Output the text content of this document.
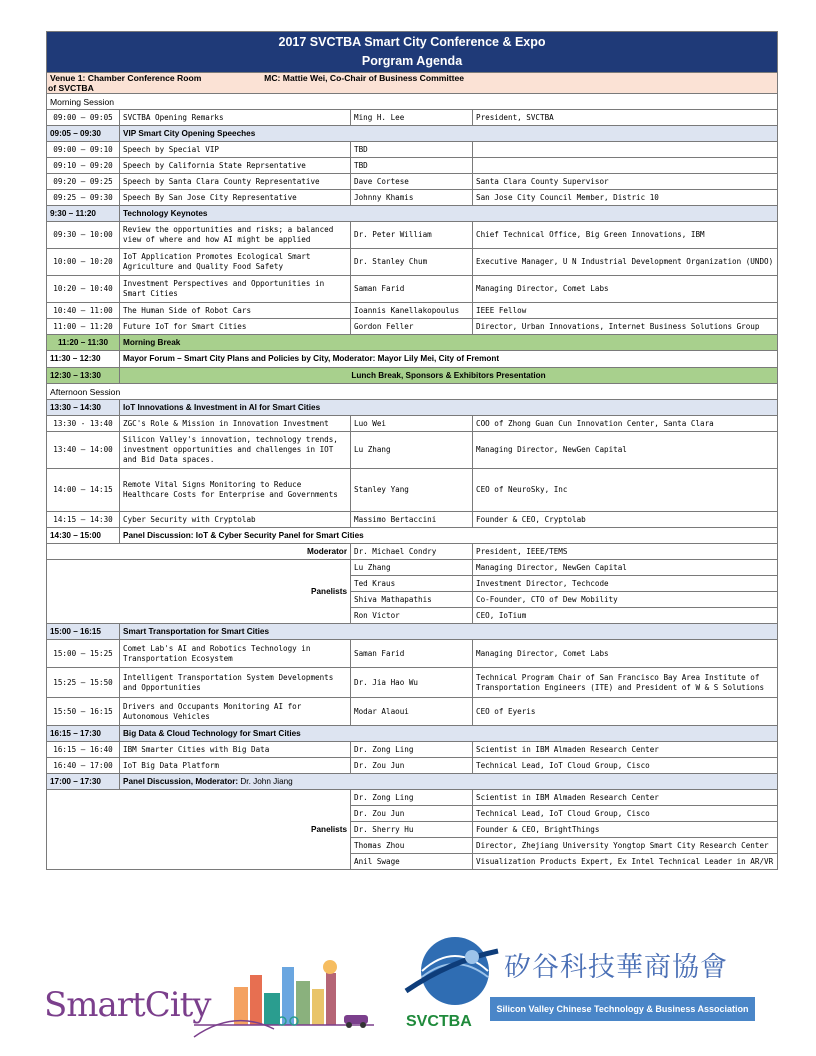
2017 SVCTBA Smart City Conference & Expo
Porgram Agenda			

Venue 1: Chamber Conference Room MC: Mattie Wei, Co-Chair of Business Committee of SVCTBA			
Morning Session			
09:00 – 09:05	SVCTBA Opening Remarks	Ming H. Lee	President, SVCTBA
09:05 – 09:30	VIP Smart City Opening Speeches		
09:00 – 09:10	Speech by Special VIP	TBD	
09:10 – 09:20	Speech by California State Reprsentative	TBD	
09:20 – 09:25	Speech by Santa Clara County Representative	Dave Cortese	Santa Clara County Supervisor
09:25 – 09:30	Speech By San Jose City Representative	Johnny Khamis	San Jose City Council Member, Distric 10
9:30 – 11:20	Technology Keynotes		
09:30 – 10:00	Review the opportunities and risks; a balanced view of where and how AI might be applied	Dr. Peter William	Chief Technical Office, Big Green Innovations, IBM
10:00 – 10:20	IoT Application Promotes Ecological Smart Agriculture and Quality Food Safety	Dr. Stanley Chum	Executive Manager, U N Industrial Development Organization (UNDO)
10:20 – 10:40	Investment Perspectives and Opportunities in Smart Cities	Saman Farid	Managing Director, Comet Labs
10:40 – 11:00	The Human Side of Robot Cars	Ioannis Kanellakopoulus	IEEE Fellow
11:00 – 11:20	Future IoT for Smart Cities	Gordon Feller	Director, Urban Innovations, Internet Business Solutions Group
11:20 – 11:30	Morning Break		
11:30 – 12:30	Mayor Forum – Smart City Plans and Policies by City, Moderator: Mayor Lily Mei, City of Fremont		
12:30 – 13:30	Lunch Break, Sponsors & Exhibitors Presentation		
Afternoon Session			
13:30 – 14:30	IoT Innovations & Investment in AI for Smart Cities		
13:30 - 13:40	ZGC's Role & Mission in Innovation Investment	Luo Wei	COO of Zhong Guan Cun Innovation Center, Santa Clara
13:40 – 14:00	Silicon Valley's innovation, technology trends, investment opportunities and challenges in IOT and Bid Data spaces.	Lu Zhang	Managing Director, NewGen Capital
14:00 – 14:15	Remote Vital Signs Monitoring to Reduce Healthcare Costs for Enterprise and Governments	Stanley Yang	CEO of NeuroSky, Inc
14:15 – 14:30	Cyber Security with Cryptolab	Massimo Bertaccini	Founder & CEO, Cryptolab
14:30 – 15:00	Panel Discussion: IoT & Cyber Security Panel for Smart Cities		
Moderator		Dr. Michael Condry	President, IEEE/TEMS
Panelists		Lu Zhang	Managing Director, NewGen Capital
		Ted Kraus	Investment Director, Techcode
		Shiva Mathapathis	Co-Founder, CTO of Dew Mobility
		Ron Victor	CEO, IoTium
15:00 – 16:15	Smart Transportation for Smart Cities		
15:00 – 15:25	Comet Lab's AI and Robotics Technology in Transportation Ecosystem	Saman Farid	Managing Director, Comet Labs
15:25 – 15:50	Intelligent Transportation System Developments and Opportunities	Dr. Jia Hao Wu	Technical Program Chair of San Francisco Bay Area Institute of Transportation Engineers (ITE) and President of W & S Solutions
15:50 – 16:15	Drivers and Occupants Monitoring AI for Autonomous Vehicles	Modar Alaoui	CEO of Eyeris
16:15 – 17:30	Big Data & Cloud Technology for Smart Cities		
16:15 – 16:40	IBM Smarter Cities with Big Data	Dr. Zong Ling	Scientist in IBM Almaden Research Center
16:40 – 17:00	IoT Big Data Platform	Dr. Zou Jun	Technical Lead, IoT Cloud Group, Cisco
17:00 – 17:30	Panel Discussion, Moderator: Dr. John Jiang		
Panelists		Dr. Zong Ling	Scientist in IBM Almaden Research Center
		Dr. Zou Jun	Technical Lead, IoT Cloud Group, Cisco
		Dr. Sherry Hu	Founder & CEO, BrightThings
		Thomas Zhou	Director, Zhejiang University Yongtop Smart City Research Center
		Anil Swage	Visualization Products Expert, Ex Intel Technical Leader in AR/VR
SmartCity	SVCTBA
矽谷科技華商協會
Silicon Valley Chinese Technology & Business Association
